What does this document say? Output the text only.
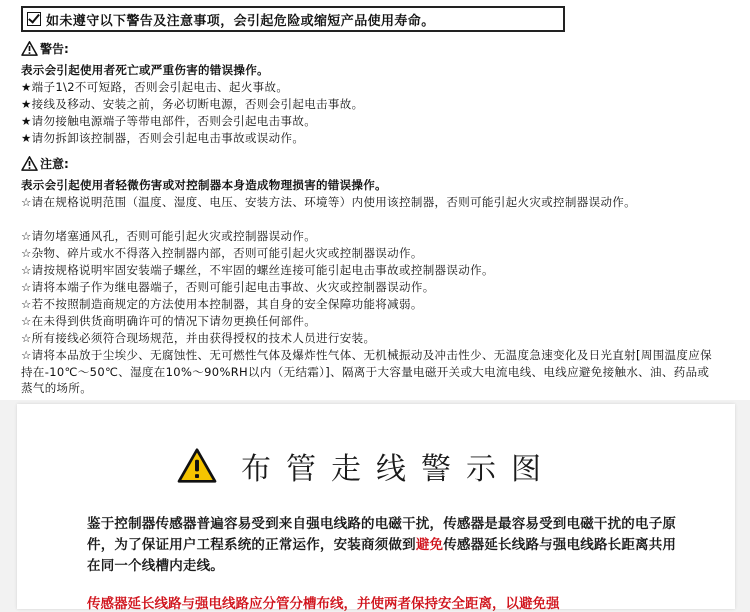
如未遵守以下警告及注意事项，会引起危险或缩短产品使用寿命。
警告:
表示会引起使用者死亡或严重伤害的错误操作。
★端子1\2不可短路，否则会引起电击、起火事故。
★接线及移动、安装之前，务必切断电源，否则会引起电击事故。
★请勿接触电源端子等带电部件，否则会引起电击事故。
★请勿拆卸该控制器，否则会引起电击事故或误动作。
注意:
表示会引起使用者轻微伤害或对控制器本身造成物理损害的错误操作。
☆请在规格说明范围（温度、湿度、电压、安装方法、环境等）内使用该控制器，否则可能引起火灾或控制器误动作。
☆请勿堵塞通风孔，否则可能引起火灾或控制器误动作。
☆杂物、碎片或水不得落入控制器内部，否则可能引起火灾或控制器误动作。
☆请按规格说明牢固安装端子螺丝，不牢固的螺丝连接可能引起电击事故或控制器误动作。
☆请将本端子作为继电器端子，否则可能引起电击事故、火灾或控制器误动作。
☆若不按照制造商规定的方法使用本控制器，其自身的安全保障功能将减弱。
☆在未得到供货商明确许可的情况下请勿更换任何部件。
☆所有接线必须符合现场规范，并由获得授权的技术人员进行安装。
☆请将本品放于尘埃少、无腐蚀性、无可燃性气体及爆炸性气体、无机械振动及冲击性少、无温度急速变化及日光直射[周围温度应保持在-10℃～50℃、湿度在10%～90%RH以内（无结霜）]、隔离于大容量电磁开关或大电流电线、电线应避免接触水、油、药品或蒸气的场所。
布管走线警示图
鉴于控制器传感器普遍容易受到来自强电线路的电磁干扰，传感器是最容易受到电磁干扰的电子原件，为了保证用户工程系统的正常运作，安装商须做到避免传感器延长线路与强电线路长距离共用在同一个线槽内走线。
传感器延长线路与强电线路应分管分槽布线，并使两者保持安全距离，以避免强
